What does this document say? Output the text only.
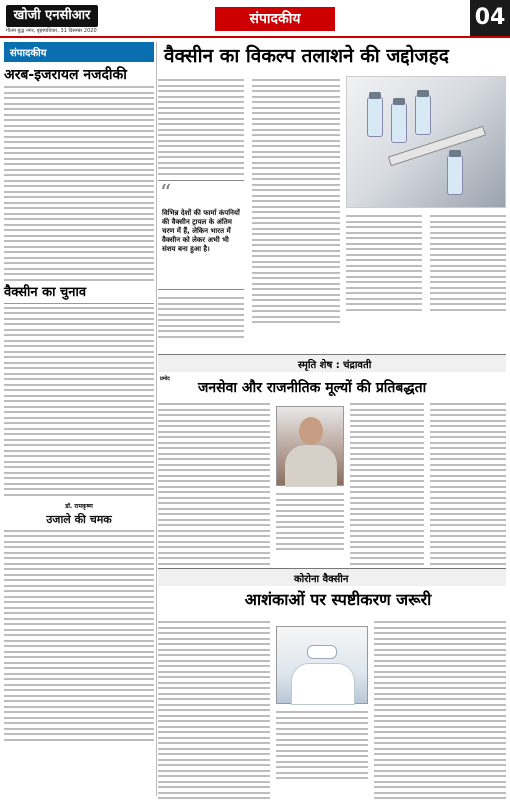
खोजी एनसीआर
गौतम बुद्ध नगर, बृहस्पतिवार, 31 दिसम्बर 2020
संपादकीय	04
संपादकीय
अरब-इजरायल नजदीकी
वैक्सीन का चुनाव
डॉ. रामकृष्ण
उजाले की चमक
वैक्सीन का विकल्प तलाशने की जद्दोजहद
“
विभिन्न देशों की फार्मा कंपनियों की वैक्सीन ट्रायल के अंतिम चरण में हैं, लेकिन भारत में वैक्सीन को लेकर अभी भी संशय बना हुआ है।
स्मृति शेष : चंद्रावती
प्रमोद
जनसेवा और राजनीतिक मूल्यों की प्रतिबद्धता
कोरोना वैक्सीन
आशंकाओं पर स्पष्टीकरण जरूरी
